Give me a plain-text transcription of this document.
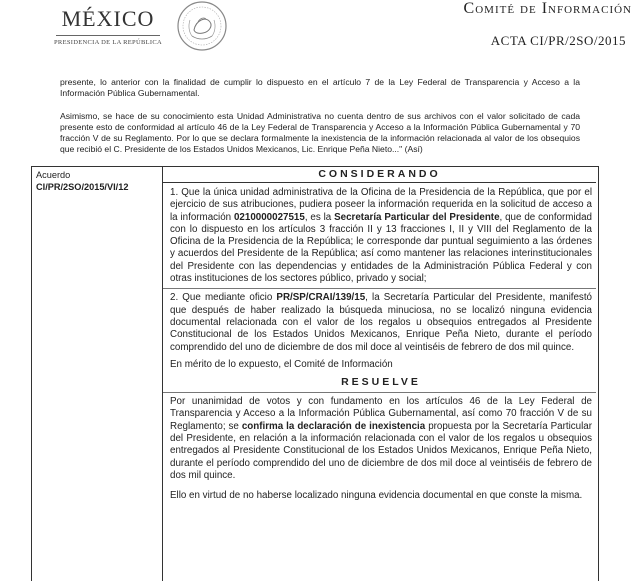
MÉXICO
PRESIDENCIA DE LA REPÚBLICA
Comité de Información
ACTA CI/PR/2SO/2015

presente, lo anterior con la finalidad de cumplir lo dispuesto en el artículo 7 de la Ley Federal de Transparencia y Acceso a la Información Pública Gubernamental.

Asimismo, se hace de su conocimiento esta Unidad Administrativa no cuenta dentro de sus archivos con el valor solicitado de cada presente esto de conformidad al artículo 46 de la Ley Federal de Transparencia y Acceso a la Información Pública Gubernamental y 70 fracción V de su Reglamento. Por lo que se declara formalmente la inexistencia de la información relacionada al valor de los obsequios que recibió el C. Presidente de los Estados Unidos Mexicanos, Lic. Enrique Peña Nieto..." (Así)

Acuerdo
CI/PR/2SO/2015/VI/12
CONSIDERANDO

1. Que la única unidad administrativa de la Oficina de la Presidencia de la República, que por el ejercicio de sus atribuciones, pudiera poseer la información requerida en la solicitud de acceso a la información 0210000027515, es la Secretaría Particular del Presidente, que de conformidad con lo dispuesto en los artículos 3 fracción II y 13 fracciones I, II y VIII del Reglamento de la Oficina de la Presidencia de la República; le corresponde dar puntual seguimiento a las órdenes y acuerdos del Presidente de la República; así como mantener las relaciones interinstitucionales del Presidente con las dependencias y entidades de la Administración Pública Federal y con otras instituciones de los sectores público, privado y social;

2. Que mediante oficio PR/SP/CRAI/139/15, la Secretaría Particular del Presidente, manifestó que después de haber realizado la búsqueda minuciosa, no se localizó ninguna evidencia documental relacionada con el valor de los regalos u obsequios entregados al Presidente Constitucional de los Estados Unidos Mexicanos, Enrique Peña Nieto, durante el período comprendido del uno de diciembre de dos mil doce al veintiséis de febrero de dos mil quince.

En mérito de lo expuesto, el Comité de Información

RESUELVE

Por unanimidad de votos y con fundamento en los artículos 46 de la Ley Federal de Transparencia y Acceso a la Información Pública Gubernamental, así como 70 fracción V de su Reglamento; se confirma la declaración de inexistencia propuesta por la Secretaría Particular del Presidente, en relación a la información relacionada con el valor de los regalos u obsequios entregados al Presidente Constitucional de los Estados Unidos Mexicanos, Enrique Peña Nieto, durante el período comprendido del uno de diciembre de dos mil doce al veintiséis de febrero de dos mil quince.

Ello en virtud de no haberse localizado ninguna evidencia documental en que conste la misma.
